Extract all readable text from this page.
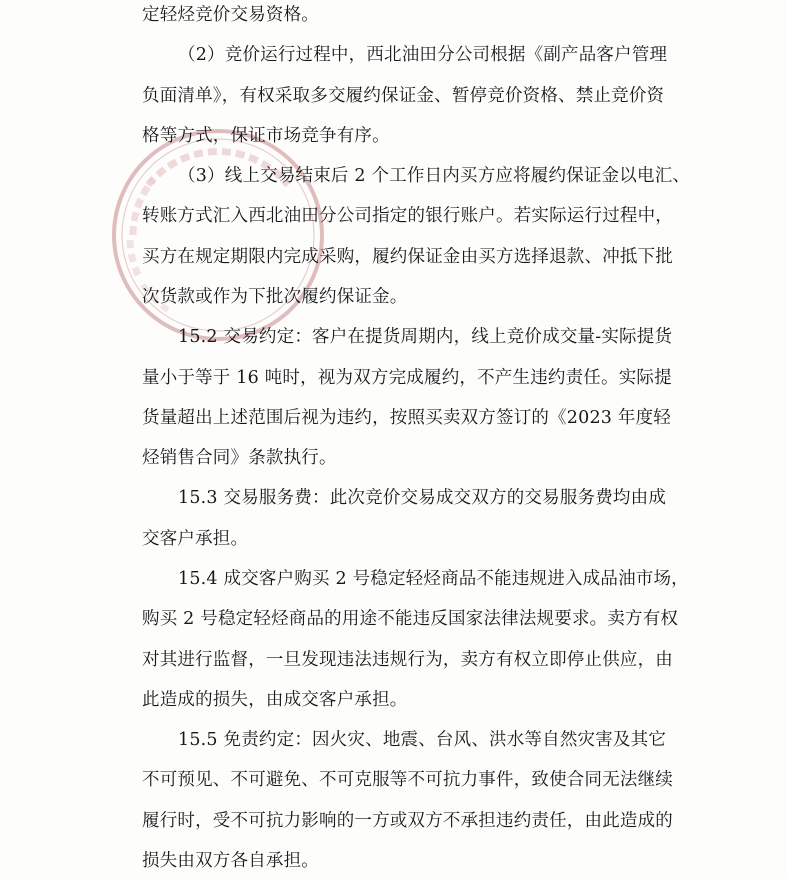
定轻烃竞价交易资格。
（2）竞价运行过程中，西北油田分公司根据《副产品客户管理
负面清单》，有权采取多交履约保证金、暂停竞价资格、禁止竞价资
格等方式，保证市场竞争有序。
（3）线上交易结束后 2 个工作日内买方应将履约保证金以电汇、
转账方式汇入西北油田分公司指定的银行账户。若实际运行过程中，
买方在规定期限内完成采购，履约保证金由买方选择退款、冲抵下批
次货款或作为下批次履约保证金。
15.2 交易约定：客户在提货周期内，线上竞价成交量-实际提货
量小于等于 16 吨时，视为双方完成履约，不产生违约责任。实际提
货量超出上述范围后视为违约，按照买卖双方签订的《2023 年度轻
烃销售合同》条款执行。
15.3 交易服务费：此次竞价交易成交双方的交易服务费均由成
交客户承担。
15.4 成交客户购买 2 号稳定轻烃商品不能违规进入成品油市场，
购买 2 号稳定轻烃商品的用途不能违反国家法律法规要求。卖方有权
对其进行监督，一旦发现违法违规行为，卖方有权立即停止供应，由
此造成的损失，由成交客户承担。
15.5 免责约定：因火灾、地震、台风、洪水等自然灾害及其它
不可预见、不可避免、不可克服等不可抗力事件，致使合同无法继续
履行时，受不可抗力影响的一方或双方不承担违约责任，由此造成的
损失由双方各自承担。
